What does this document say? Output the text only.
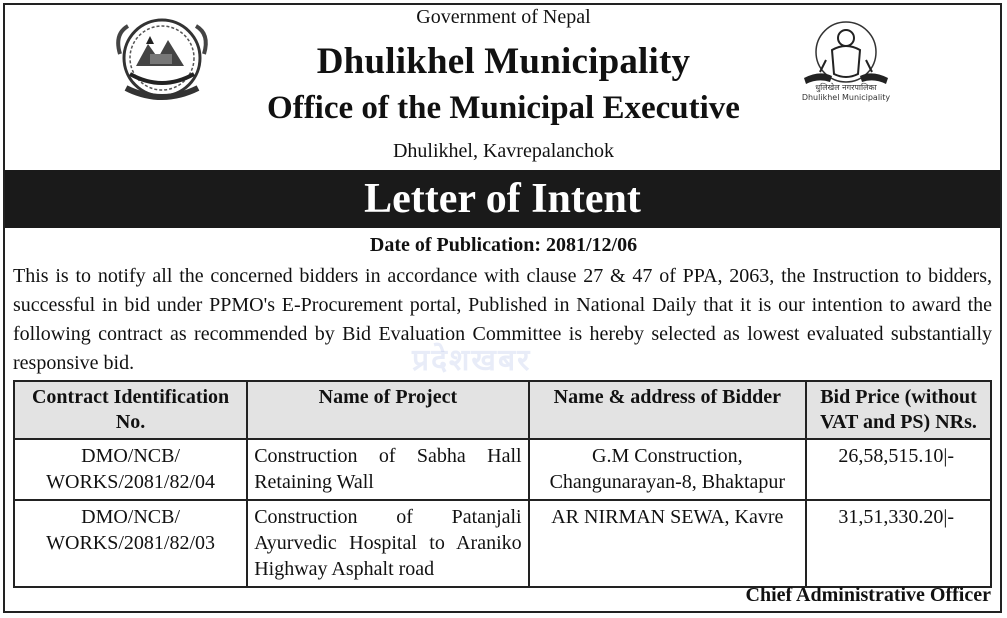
धुलिखेल नगरपालिका
Dhulikhel Municipality
Government of Nepal
Dhulikhel Municipality
Office of the Municipal Executive
Dhulikhel, Kavrepalanchok
Letter of Intent
Date of Publication: 2081/12/06
प्रदेशखबर
This is to notify all the concerned bidders in accordance with clause 27 & 47 of PPA, 2063, the Instruction to bidders, successful in bid under PPMO's E-Procurement portal, Published in National Daily that it is our intention to award the following contract as recommended by Bid Evaluation Committee is hereby selected as lowest evaluated substantially responsive bid.
Contract Identification No.	Name of Project	Name & address of Bidder	Bid Price (without VAT and PS) NRs.
DMO/NCB/ WORKS/2081/82/04	Construction of Sabha Hall Retaining Wall	G.M Construction, Changunarayan-8, Bhaktapur	26,58,515.10|-
DMO/NCB/ WORKS/2081/82/03	Construction of Patanjali Ayurvedic Hospital to Araniko Highway Asphalt road	AR NIRMAN SEWA, Kavre	31,51,330.20|-
Chief Administrative Officer
